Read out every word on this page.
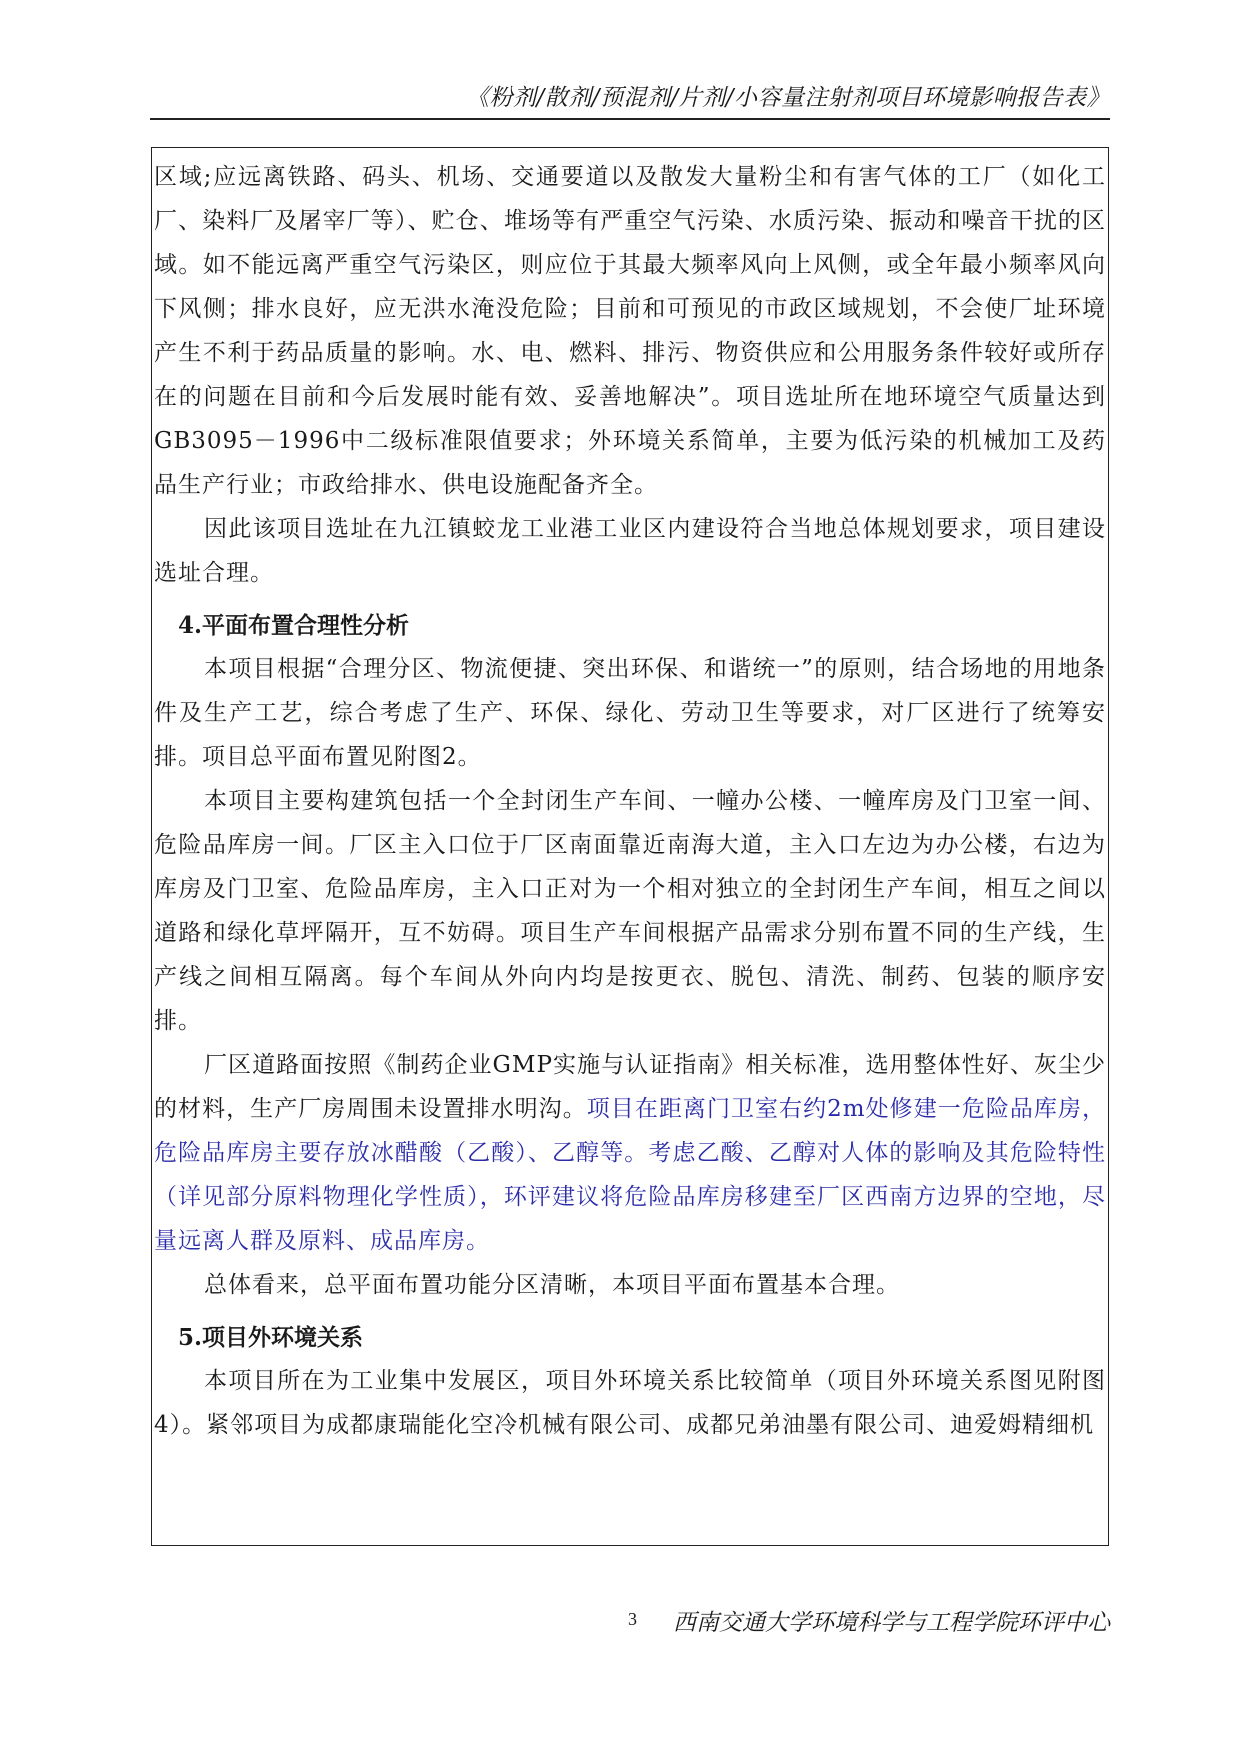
《粉剂/散剂/预混剂/片剂/小容量注射剂项目环境影响报告表》

区域;应远离铁路、码头、机场、交通要道以及散发大量粉尘和有害气体的工厂（如化工厂、染料厂及屠宰厂等）、贮仓、堆场等有严重空气污染、水质污染、振动和噪音干扰的区域。如不能远离严重空气污染区，则应位于其最大频率风向上风侧，或全年最小频率风向下风侧；排水良好，应无洪水淹没危险；目前和可预见的市政区域规划，不会使厂址环境产生不利于药品质量的影响。水、电、燃料、排污、物资供应和公用服务条件较好或所存在的问题在目前和今后发展时能有效、妥善地解决”。项目选址所在地环境空气质量达到GB3095－1996中二级标准限值要求；外环境关系简单，主要为低污染的机械加工及药品生产行业；市政给排水、供电设施配备齐全。

因此该项目选址在九江镇蛟龙工业港工业区内建设符合当地总体规划要求，项目建设选址合理。

4.平面布置合理性分析

本项目根据“合理分区、物流便捷、突出环保、和谐统一”的原则，结合场地的用地条件及生产工艺，综合考虑了生产、环保、绿化、劳动卫生等要求，对厂区进行了统筹安排。项目总平面布置见附图2。

本项目主要构建筑包括一个全封闭生产车间、一幢办公楼、一幢库房及门卫室一间、危险品库房一间。厂区主入口位于厂区南面靠近南海大道，主入口左边为办公楼，右边为库房及门卫室、危险品库房，主入口正对为一个相对独立的全封闭生产车间，相互之间以道路和绿化草坪隔开，互不妨碍。项目生产车间根据产品需求分别布置不同的生产线，生产线之间相互隔离。每个车间从外向内均是按更衣、脱包、清洗、制药、包装的顺序安排。

厂区道路面按照《制药企业GMP实施与认证指南》相关标准，选用整体性好、灰尘少的材料，生产厂房周围未设置排水明沟。项目在距离门卫室右约2m处修建一危险品库房，危险品库房主要存放冰醋酸（乙酸）、乙醇等。考虑乙酸、乙醇对人体的影响及其危险特性（详见部分原料物理化学性质），环评建议将危险品库房移建至厂区西南方边界的空地，尽量远离人群及原料、成品库房。

总体看来，总平面布置功能分区清晰，本项目平面布置基本合理。

5.项目外环境关系

本项目所在为工业集中发展区，项目外环境关系比较简单（项目外环境关系图见附图4）。紧邻项目为成都康瑞能化空冷机械有限公司、成都兄弟油墨有限公司、迪爱姆精细机

3 西南交通大学环境科学与工程学院环评中心
